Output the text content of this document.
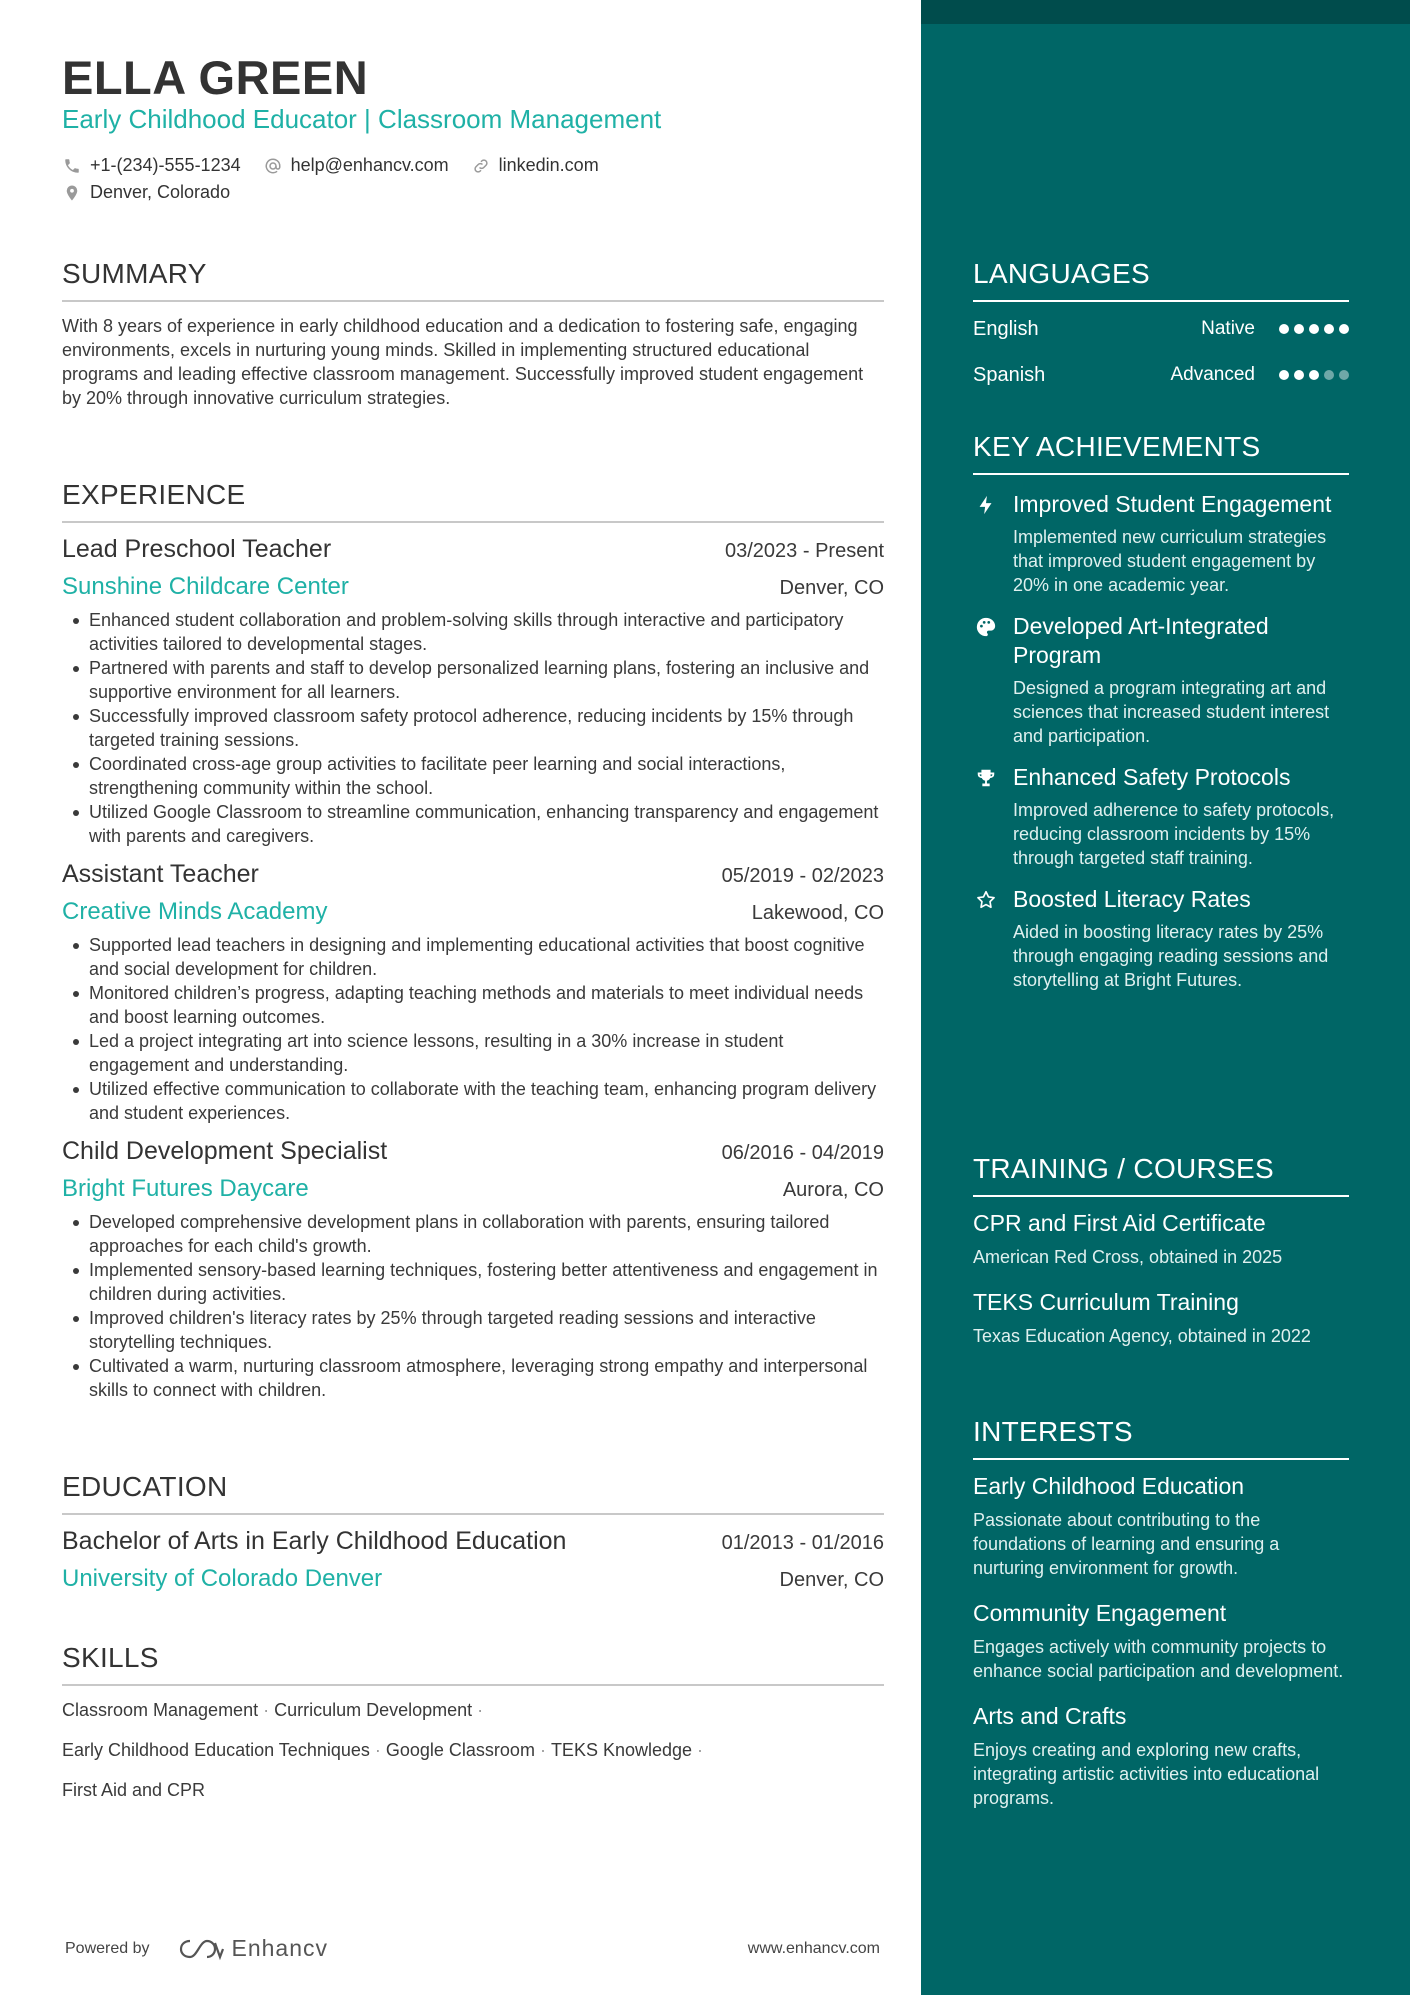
ELLA GREEN
Early Childhood Educator | Classroom Management
+1-(234)-555-1234	help@enhancv.com	linkedin.com
Denver, Colorado
SUMMARY
With 8 years of experience in early childhood education and a dedication to fostering safe, engaging environments, excels in nurturing young minds. Skilled in implementing structured educational programs and leading effective classroom management. Successfully improved student engagement by 20% through innovative curriculum strategies.
EXPERIENCE
Lead Preschool Teacher	03/2023 - Present
Sunshine Childcare Center	Denver, CO
Enhanced student collaboration and problem-solving skills through interactive and participatory activities tailored to developmental stages.
Partnered with parents and staff to develop personalized learning plans, fostering an inclusive and supportive environment for all learners.
Successfully improved classroom safety protocol adherence, reducing incidents by 15% through targeted training sessions.
Coordinated cross-age group activities to facilitate peer learning and social interactions, strengthening community within the school.
Utilized Google Classroom to streamline communication, enhancing transparency and engagement with parents and caregivers.
Assistant Teacher	05/2019 - 02/2023
Creative Minds Academy	Lakewood, CO
Supported lead teachers in designing and implementing educational activities that boost cognitive and social development for children.
Monitored children’s progress, adapting teaching methods and materials to meet individual needs and boost learning outcomes.
Led a project integrating art into science lessons, resulting in a 30% increase in student engagement and understanding.
Utilized effective communication to collaborate with the teaching team, enhancing program delivery and student experiences.
Child Development Specialist	06/2016 - 04/2019
Bright Futures Daycare	Aurora, CO
Developed comprehensive development plans in collaboration with parents, ensuring tailored approaches for each child's growth.
Implemented sensory-based learning techniques, fostering better attentiveness and engagement in children during activities.
Improved children's literacy rates by 25% through targeted reading sessions and interactive storytelling techniques.
Cultivated a warm, nurturing classroom atmosphere, leveraging strong empathy and interpersonal skills to connect with children.
EDUCATION
Bachelor of Arts in Early Childhood Education	01/2013 - 01/2016
University of Colorado Denver	Denver, CO
SKILLS
Classroom Management · Curriculum Development ·
Early Childhood Education Techniques · Google Classroom · TEKS Knowledge ·
First Aid and CPR
Powered by	Enhancv	www.enhancv.com
LANGUAGES
English	Native
Spanish	Advanced
KEY ACHIEVEMENTS
Improved Student Engagement
Implemented new curriculum strategies that improved student engagement by 20% in one academic year.
Developed Art-Integrated Program
Designed a program integrating art and sciences that increased student interest and participation.
Enhanced Safety Protocols
Improved adherence to safety protocols, reducing classroom incidents by 15% through targeted staff training.
Boosted Literacy Rates
Aided in boosting literacy rates by 25% through engaging reading sessions and storytelling at Bright Futures.
TRAINING / COURSES
CPR and First Aid Certificate
American Red Cross, obtained in 2025
TEKS Curriculum Training
Texas Education Agency, obtained in 2022
INTERESTS
Early Childhood Education
Passionate about contributing to the foundations of learning and ensuring a nurturing environment for growth.
Community Engagement
Engages actively with community projects to enhance social participation and development.
Arts and Crafts
Enjoys creating and exploring new crafts, integrating artistic activities into educational programs.
